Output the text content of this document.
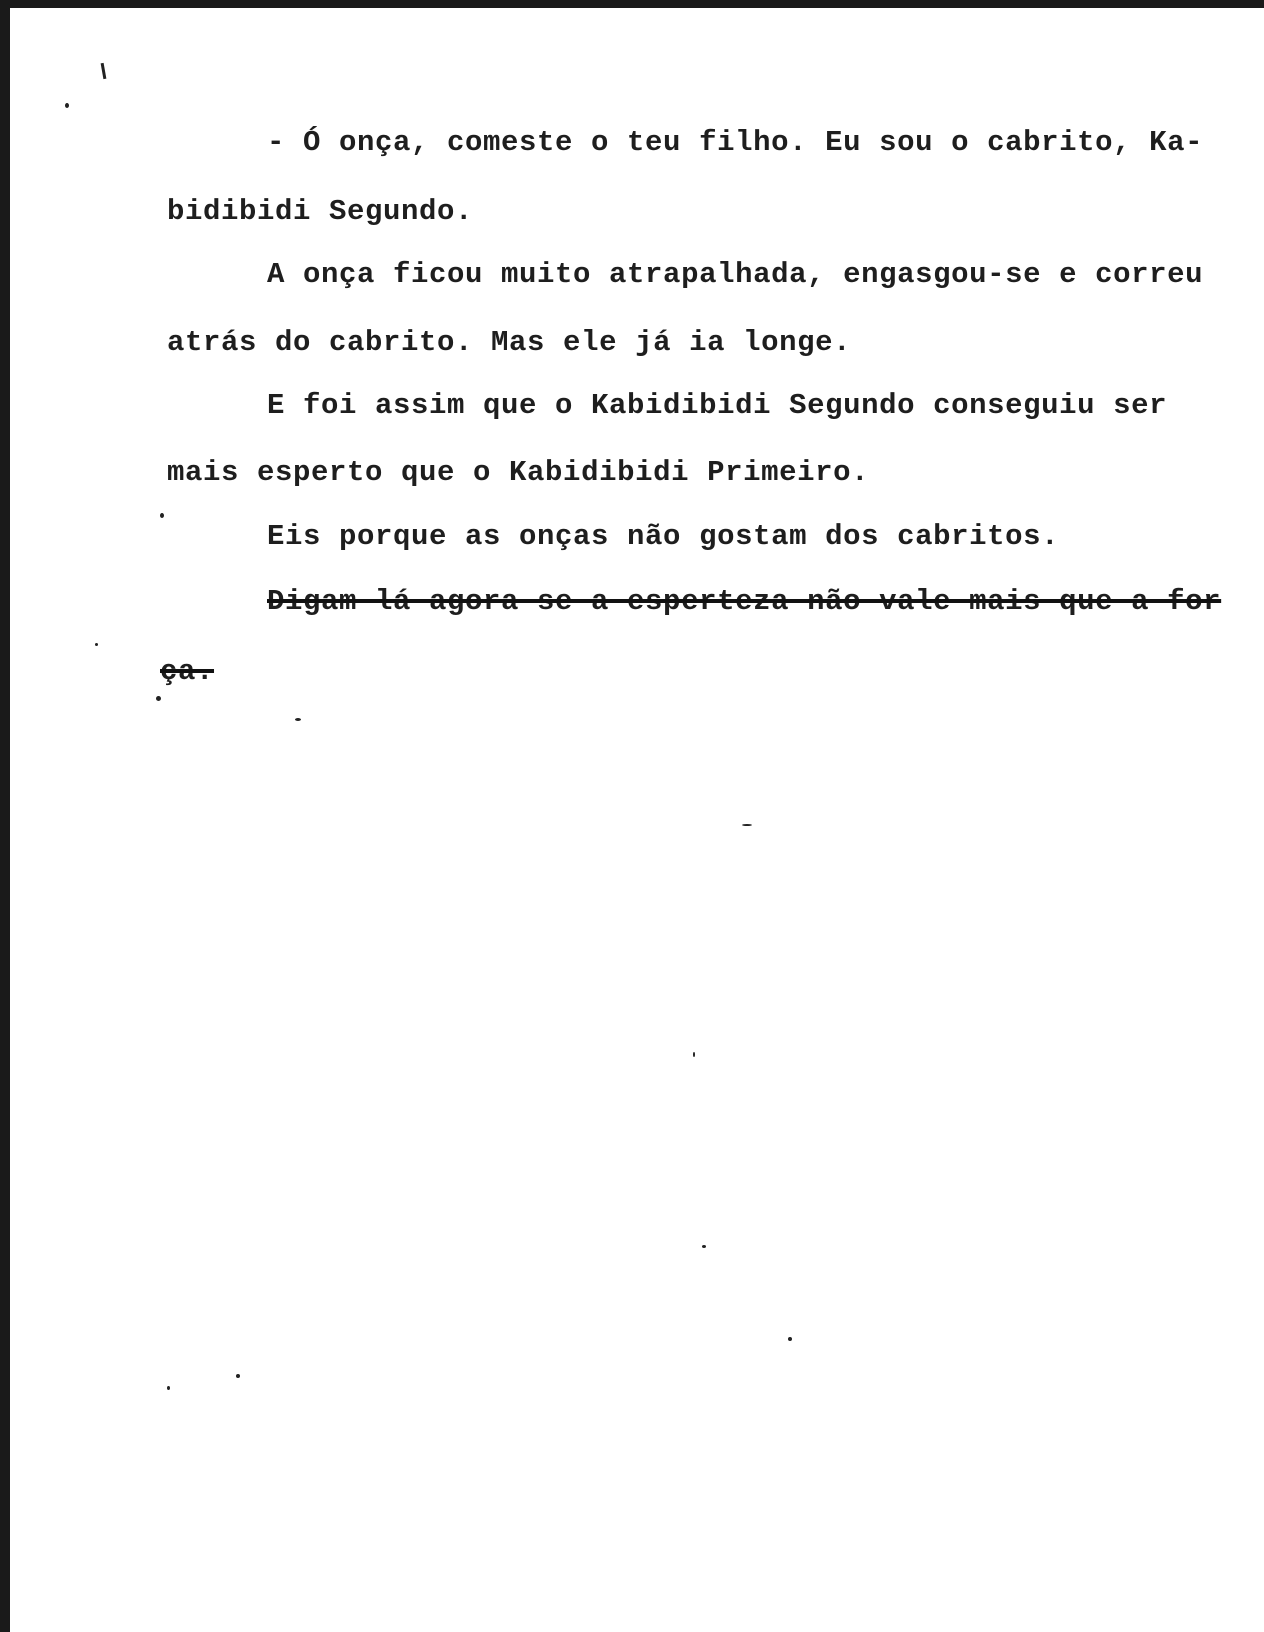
- Ó onça, comeste o teu filho. Eu sou o cabrito, Ka-

bidibidi Segundo.

A onça ficou muito atrapalhada, engasgou-se e correu

atrás do cabrito. Mas ele já ia longe.

E foi assim que o Kabidibidi Segundo conseguiu ser

mais esperto que o Kabidibidi Primeiro.

Eis porque as onças não gostam dos cabritos.

Digam lá agora se a esperteza não vale mais que a for

ça.
